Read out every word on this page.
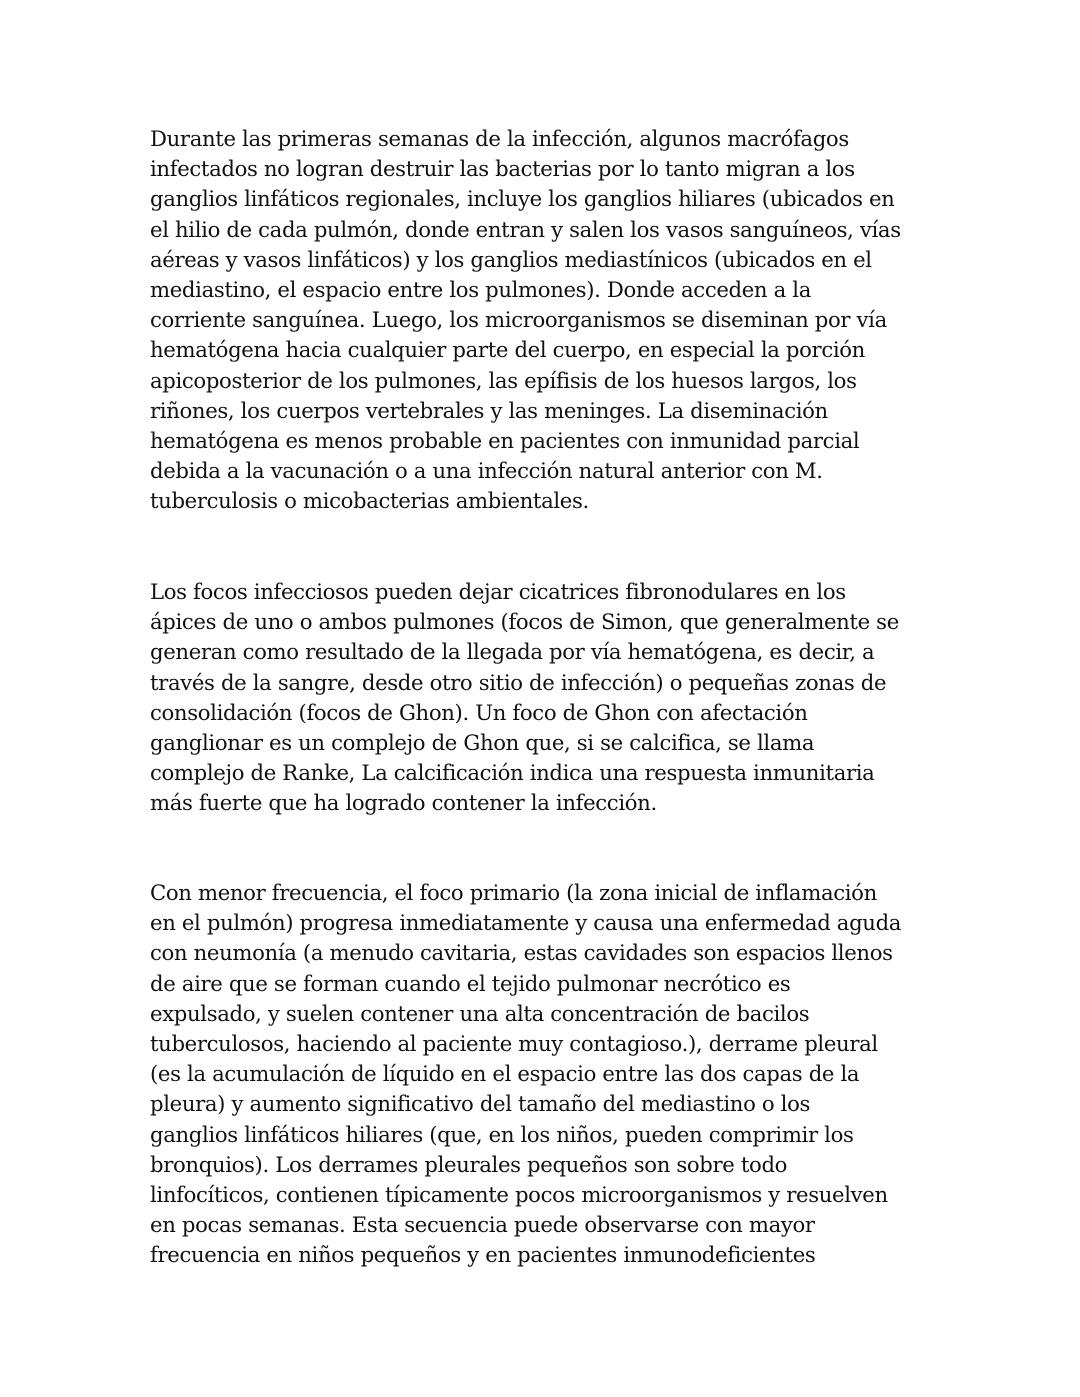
Durante las primeras semanas de la infección, algunos macrófagos
infectados no logran destruir las bacterias por lo tanto migran a los
ganglios linfáticos regionales, incluye los ganglios hiliares (ubicados en
el hilio de cada pulmón, donde entran y salen los vasos sanguíneos, vías
aéreas y vasos linfáticos) y los ganglios mediastínicos (ubicados en el
mediastino, el espacio entre los pulmones). Donde acceden a la
corriente sanguínea. Luego, los microorganismos se diseminan por vía
hematógena hacia cualquier parte del cuerpo, en especial la porción
apicoposterior de los pulmones, las epífisis de los huesos largos, los
riñones, los cuerpos vertebrales y las meninges. La diseminación
hematógena es menos probable en pacientes con inmunidad parcial
debida a la vacunación o a una infección natural anterior con M.
tuberculosis o micobacterias ambientales.

Los focos infecciosos pueden dejar cicatrices fibronodulares en los
ápices de uno o ambos pulmones (focos de Simon, que generalmente se
generan como resultado de la llegada por vía hematógena, es decir, a
través de la sangre, desde otro sitio de infección) o pequeñas zonas de
consolidación (focos de Ghon). Un foco de Ghon con afectación
ganglionar es un complejo de Ghon que, si se calcifica, se llama
complejo de Ranke, La calcificación indica una respuesta inmunitaria
más fuerte que ha logrado contener la infección.

Con menor frecuencia, el foco primario (la zona inicial de inflamación
en el pulmón) progresa inmediatamente y causa una enfermedad aguda
con neumonía (a menudo cavitaria, estas cavidades son espacios llenos
de aire que se forman cuando el tejido pulmonar necrótico es
expulsado, y suelen contener una alta concentración de bacilos
tuberculosos, haciendo al paciente muy contagioso.), derrame pleural
(es la acumulación de líquido en el espacio entre las dos capas de la
pleura) y aumento significativo del tamaño del mediastino o los
ganglios linfáticos hiliares (que, en los niños, pueden comprimir los
bronquios). Los derrames pleurales pequeños son sobre todo
linfocíticos, contienen típicamente pocos microorganismos y resuelven
en pocas semanas. Esta secuencia puede observarse con mayor
frecuencia en niños pequeños y en pacientes inmunodeficientes
